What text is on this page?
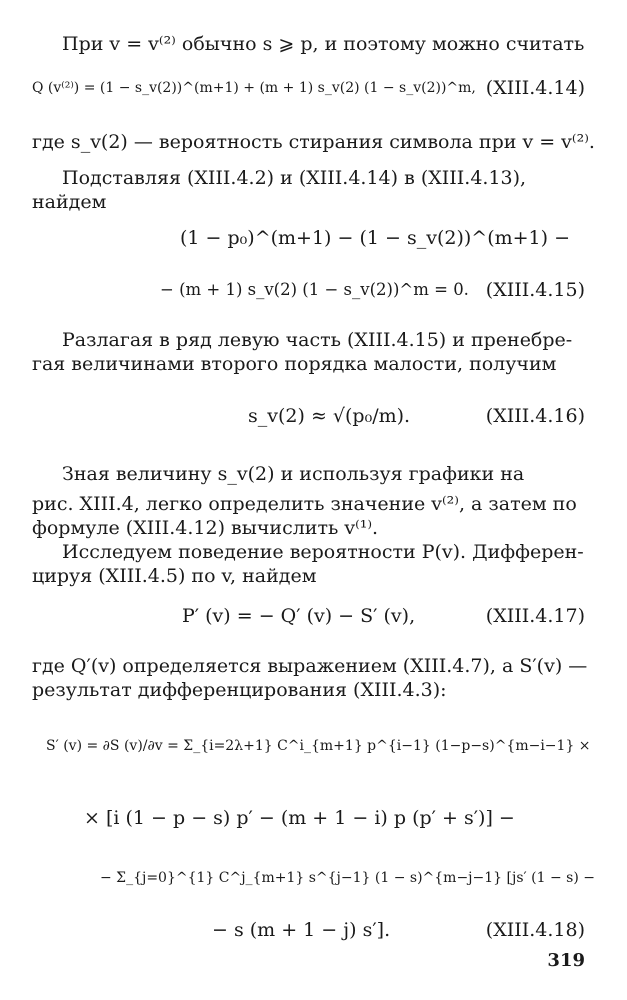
При v = v⁽²⁾ обычно s ⩾ p, и поэтому можно считать
Q (v⁽²⁾) = (1 − s_v(2))^(m+1) + (m + 1) s_v(2) (1 − s_v(2))^m, (XIII.4.14)
где s_v(2) — вероятность стирания символа при v = v⁽²⁾.
Подставляя (XIII.4.2) и (XIII.4.14) в (XIII.4.13),
найдем
(1 − p₀)^(m+1) − (1 − s_v(2))^(m+1) −
− (m + 1) s_v(2) (1 − s_v(2))^m = 0. (XIII.4.15)
Разлагая в ряд левую часть (XIII.4.15) и пренебре-
гая величинами второго порядка малости, получим
s_v(2) ≈ √(p₀/m).	(XIII.4.16)
Зная величину s_v(2) и используя графики на
рис. XIII.4, легко определить значение v⁽²⁾, а затем по
формуле (XIII.4.12) вычислить v⁽¹⁾.
Исследуем поведение вероятности P(v). Дифферен-
цируя (XIII.4.5) по v, найдем
P′ (v) = − Q′ (v) − S′ (v),	(XIII.4.17)
где Q′(v) определяется выражением (XIII.4.7), а S′(v) —
результат дифференцирования (XIII.4.3):
S′ (v) = ∂S (v)/∂v = Σ_{i=2λ+1} C^i_{m+1} p^{i−1} (1−p−s)^{m−i−1} ×
× [i (1 − p − s) p′ − (m + 1 − i) p (p′ + s′)] −
− Σ_{j=0}^{1} C^j_{m+1} s^{j−1} (1 − s)^{m−j−1} [js′ (1 − s) −
− s (m + 1 − j) s′].	(XIII.4.18)
319
